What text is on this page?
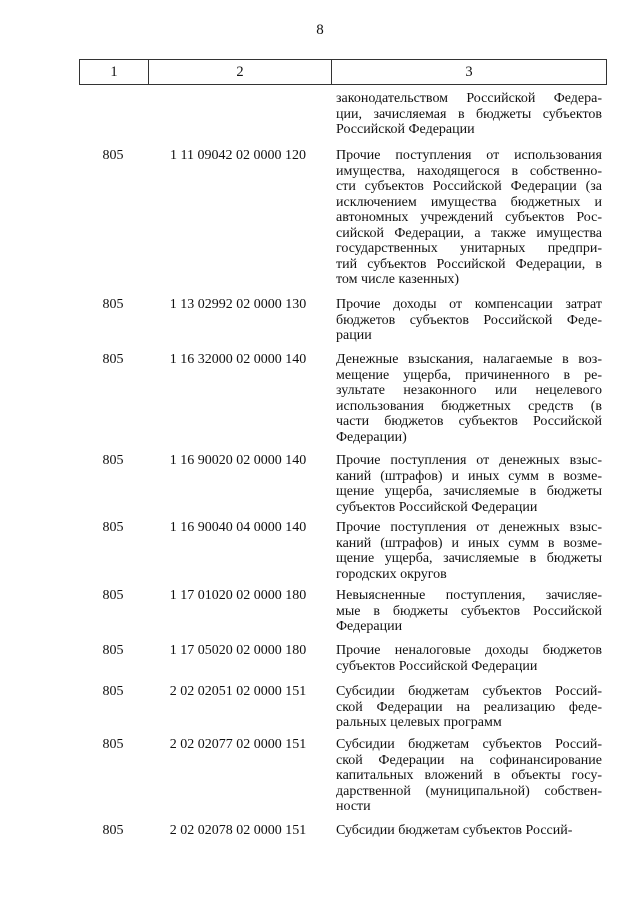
8
1	2	3
законодательством Российской Федера-
ции, зачисляемая в бюджеты субъектов
Российской Федерации
805	1 11 09042 02 0000 120	Прочие поступления от использования
имущества, находящегося в собственно-
сти субъектов Российской Федерации (за
исключением имущества бюджетных и
автономных учреждений субъектов Рос-
сийской Федерации, а также имущества
государственных унитарных предпри-
тий субъектов Российской Федерации, в
том числе казенных)
805	1 13 02992 02 0000 130	Прочие доходы от компенсации затрат
бюджетов субъектов Российской Феде-
рации
805	1 16 32000 02 0000 140	Денежные взыскания, налагаемые в воз-
мещение ущерба, причиненного в ре-
зультате незаконного или нецелевого
использования бюджетных средств (в
части бюджетов субъектов Российской
Федерации)
805	1 16 90020 02 0000 140	Прочие поступления от денежных взыс-
каний (штрафов) и иных сумм в возме-
щение ущерба, зачисляемые в бюджеты
субъектов Российской Федерации
805	1 16 90040 04 0000 140	Прочие поступления от денежных взыс-
каний (штрафов) и иных сумм в возме-
щение ущерба, зачисляемые в бюджеты
городских округов
805	1 17 01020 02 0000 180	Невыясненные поступления, зачисляе-
мые в бюджеты субъектов Российской
Федерации
805	1 17 05020 02 0000 180	Прочие неналоговые доходы бюджетов
субъектов Российской Федерации
805	2 02 02051 02 0000 151	Субсидии бюджетам субъектов Россий-
ской Федерации на реализацию феде-
ральных целевых программ
805	2 02 02077 02 0000 151	Субсидии бюджетам субъектов Россий-
ской Федерации на софинансирование
капитальных вложений в объекты госу-
дарственной (муниципальной) собствен-
ности
805	2 02 02078 02 0000 151	Субсидии бюджетам субъектов Россий-
